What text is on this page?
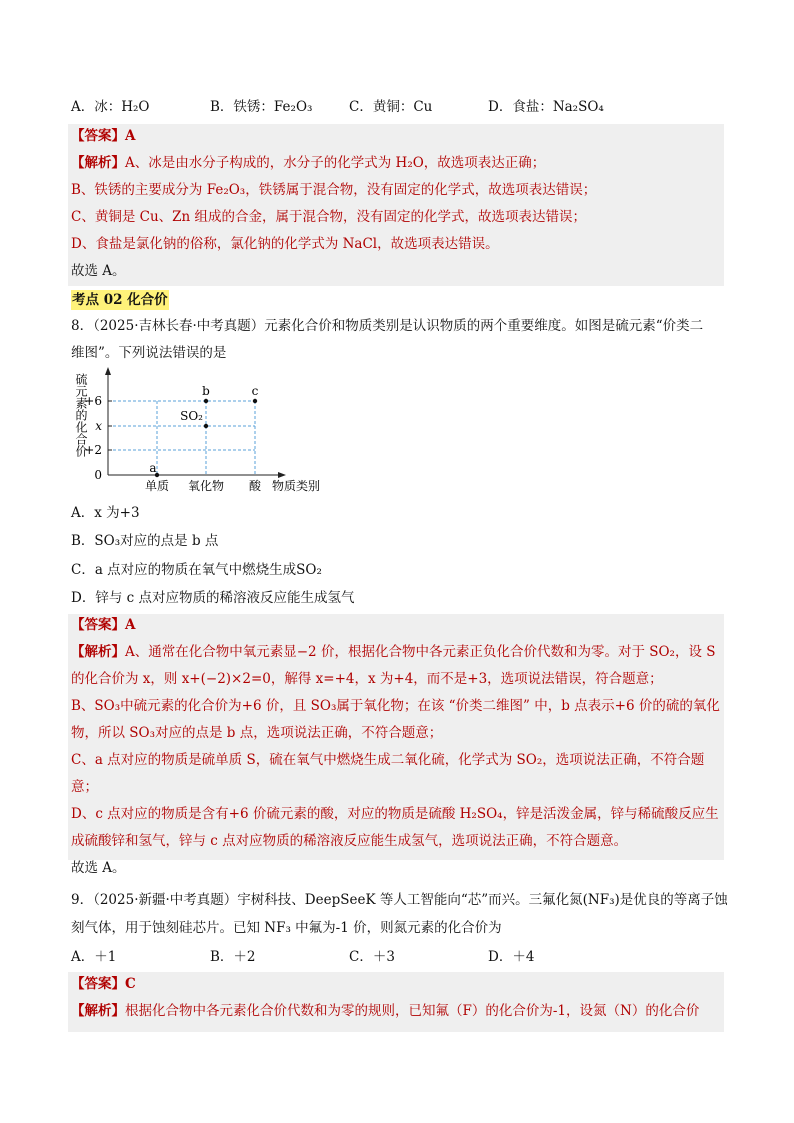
A．冰：H₂O	B．铁锈：Fe₂O₃	C．黄铜：Cu	D．食盐：Na₂SO₄
【答案】A
【解析】A、冰是由水分子构成的，水分子的化学式为 H₂O，故选项表达正确；
B、铁锈的主要成分为 Fe₂O₃，铁锈属于混合物，没有固定的化学式，故选项表达错误；
C、黄铜是 Cu、Zn 组成的合金，属于混合物，没有固定的化学式，故选项表达错误；
D、食盐是氯化钠的俗称，氯化钠的化学式为 NaCl，故选项表达错误。
故选 A。
考点 02 化合价
8．（2025·吉林长春·中考真题）元素化合价和物质类别是认识物质的两个重要维度。如图是硫元素“价类二
维图”。下列说法错误的是
+6
x
+2
0
单质 氧化物 酸
a
b
SO₂
c
物质类别
硫元素的化合价
A．x 为+3
B．SO₃对应的点是 b 点
C．a 点对应的物质在氧气中燃烧生成SO₂
D．锌与 c 点对应物质的稀溶液反应能生成氢气
【答案】A
【解析】A、通常在化合物中氧元素显−2 价，根据化合物中各元素正负化合价代数和为零。对于 SO₂，设 S
的化合价为 x，则 x+(−2)×2=0，解得 x=+4，x 为+4，而不是+3，选项说法错误，符合题意；
B、SO₃中硫元素的化合价为+6 价，且 SO₃属于氧化物；在该 “价类二维图” 中，b 点表示+6 价的硫的氧化
物，所以 SO₃对应的点是 b 点，选项说法正确，不符合题意；
C、a 点对应的物质是硫单质 S，硫在氧气中燃烧生成二氧化硫，化学式为 SO₂，选项说法正确，不符合题
意；
D、c 点对应的物质是含有+6 价硫元素的酸，对应的物质是硫酸 H₂SO₄，锌是活泼金属，锌与稀硫酸反应生
成硫酸锌和氢气，锌与 c 点对应物质的稀溶液反应能生成氢气，选项说法正确，不符合题意。
故选 A。
9．（2025·新疆·中考真题）宇树科技、DeepSeeK 等人工智能向“芯”而兴。三氟化氮(NF₃)是优良的等离子蚀
刻气体，用于蚀刻硅芯片。已知 NF₃ 中氟为-1 价，则氮元素的化合价为
A．＋1	B．＋2	C．＋3	D．＋4
【答案】C
【解析】根据化合物中各元素化合价代数和为零的规则，已知氟（F）的化合价为-1，设氮（N）的化合价
